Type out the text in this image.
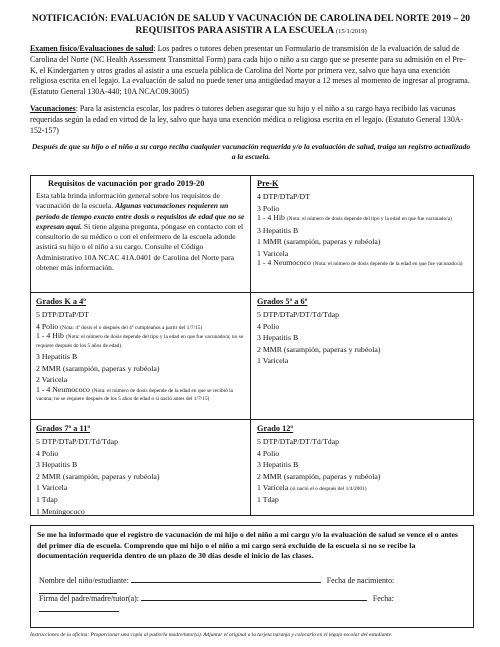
NOTIFICACIÓN: EVALUACIÓN DE SALUD Y VACUNACIÓN DE CAROLINA DEL NORTE 2019 – 20
REQUISITOS PARA ASISTIR A LA ESCUELA (15/1/2019)

Examen físico/Evaluaciones de salud: Los padres o tutores deben presentar un Formulario de transmisión de la evaluación de salud de Carolina del Norte (NC Health Assessment Transmittal Form) para cada hijo o niño a su cargo que se presente para su admisión en el Pre-K, el Kindergarten y otros grados al asistir a una escuela pública de Carolina del Norte por primera vez, salvo que haya una exención religiosa escrita en el legajo. La evaluación de salud no puede tener una antigüedad mayor a 12 meses al momento de ingresar al programa. (Estatuto General 130A-440; 10A NCAC09.3005)

Vacunaciones: Para la asistencia escolar, los padres o tutores deben asegurar que su hijo y el niño a su cargo haya recibido las vacunas requeridas según la edad en virtud de la ley, salvo que haya una exención médica o religiosa escrita en el legajo. (Estatuto General 130A-152-157)

Después de que su hijo o el niño a su cargo reciba cualquier vacunación requerida y/o la evaluación de salud, traiga un registro actualizado a la escuela.
Requisitos de vacunación por grado 2019-20
Esta tabla brinda información general sobre los requisitos de vacunación de la escuela. Algunas vacunaciones requieren un período de tiempo exacto entre dosis o requisitos de edad que no se expresan aquí. Si tiene alguna pregunta, póngase en contacto con el consultorio de su médico o con el enfermero de la escuela adonde asistirá su hijo o el niño a su cargo. Consulte el Código Administrativo 10A NCAC 41A.0401 de Carolina del Norte para obtener más información.
Pre-K
4 DTP/DTaP/DT
3 Polio
1 - 4 Hib (Nota: el número de dosis depende del tipo y la edad en que fue vacunado/a)
3 Hepatitis B
1 MMR (sarampión, paperas y rubéola)
1 Varicela
1 - 4 Neumococo (Nota: el número de dosis depende de la edad en que fue vacunado/a)
Grados K a 4º
5 DTP/DTaP/DT
4 Polio (Nota: 4º dosis el o después del 4º cumpleaños a partir del 1/7/15)
1 - 4 Hib (Nota: el número de dosis depende del tipo y la edad en que fue vacunado/a; no se requiere después de los 5 años de edad).
3 Hepatitis B
2 MMR (sarampión, paperas y rubéola)
2 Varicela
1 - 4 Neumococo (Nota: el número de dosis depende de la edad en que se recibió la vacuna; no se requiere después de los 5 años de edad o si nació antes del 1/7/15)
Grados 5º a 6º
5 DTP/DTaP/DT/Td/Tdap
4 Polio
3 Hepatitis B
2 MMR (sarampión, paperas y rubéola)
1 Varicela
Grados 7º a 11º
5 DTP/DTaP/DT/Td/Tdap
4 Polio
3 Hepatitis B
2 MMR (sarampión, paperas y rubéola)
1 Varicela
1 Tdap
1 Meningococo
Grado 12º
5 DTP/DTaP/DT/Td/Tdap
4 Polio
3 Hepatitis B
2 MMR (sarampión, paperas y rubéola)
1 Varicela (si nació el o después del 1/4/2001)
1 Tdap
Se me ha informado que el registro de vacunación de mi hijo o del niño a mi cargo y/o la evaluación de salud se vence el o antes del primer día de escuela. Comprendo que mi hijo o el niño a mi cargo será excluido de la escuela si no se recibe la documentación requerida dentro de un plazo de 30 días desde el inicio de las clases.
Nombre del niño/estudiante:	Fecha de nacimiento:
Firma del padre/madre/tutor(a):	Fecha:
Instrucciones de la oficina: Proporcionar una copia al padre/la madre/tutor(a). Adjuntar el original a la tarjeta naranja y colocarlo en el legajo escolar del estudiante.
